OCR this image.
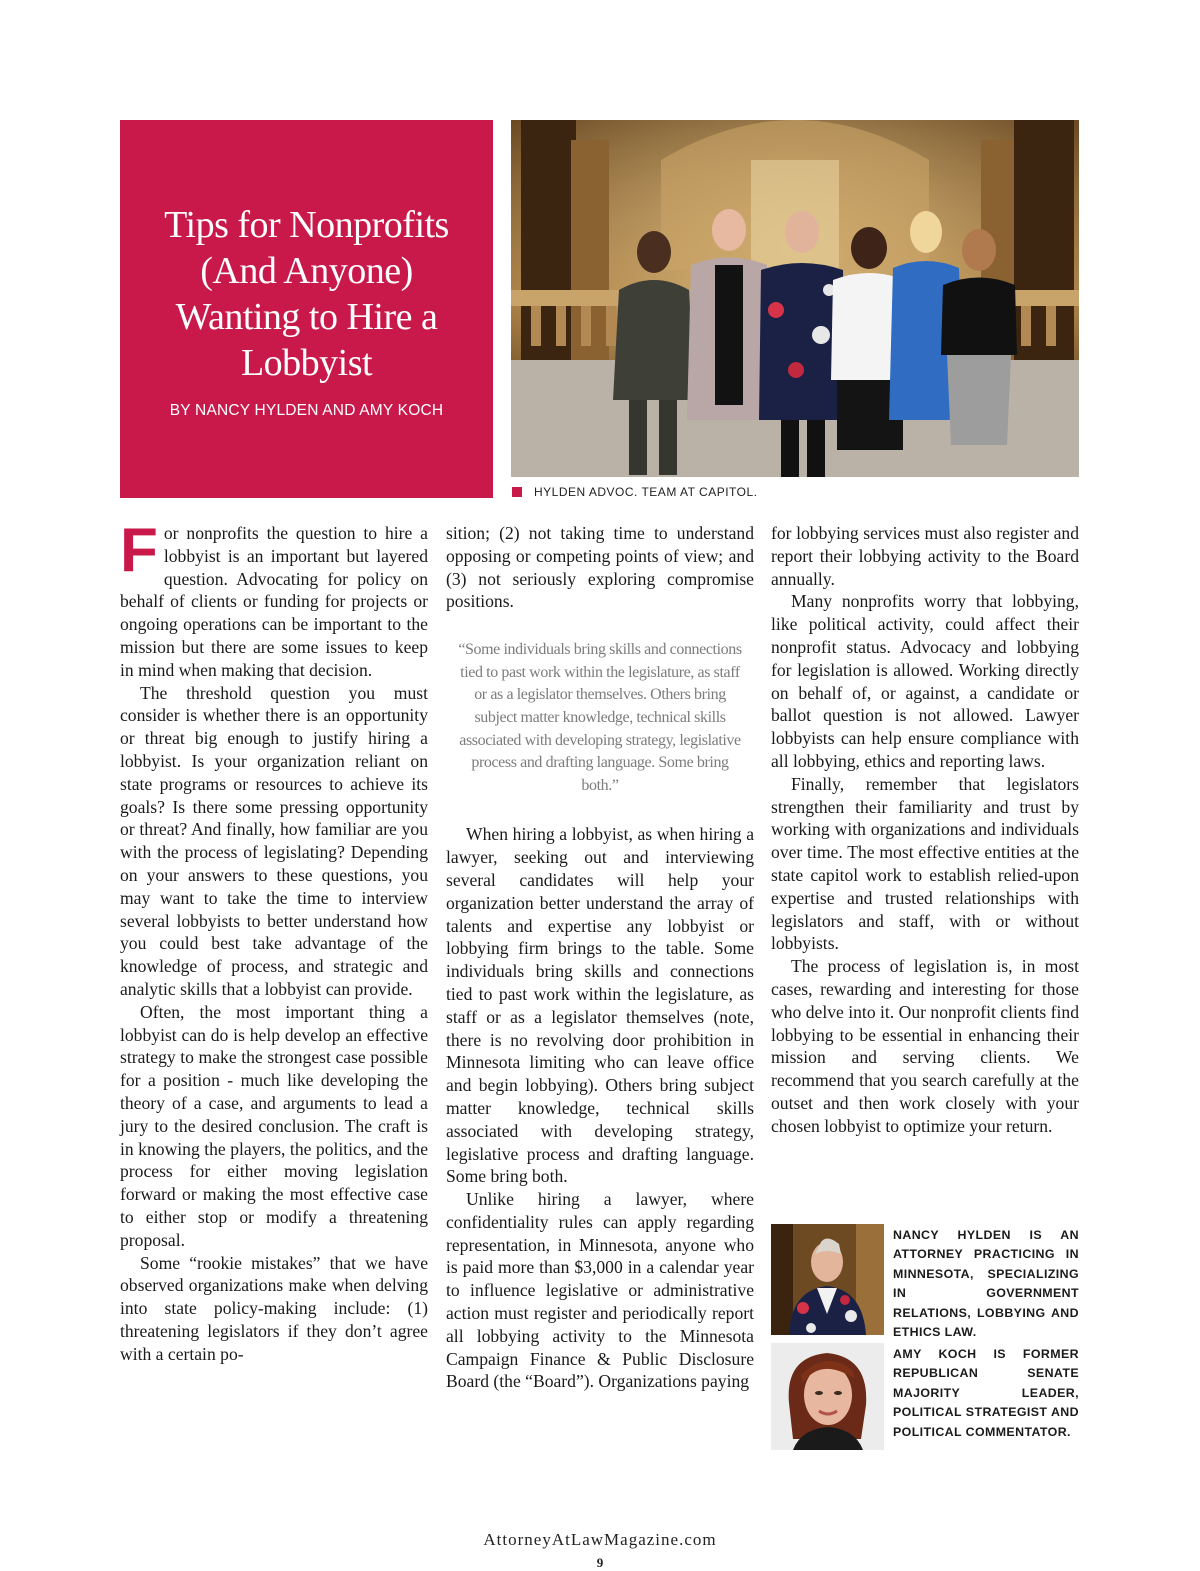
Tips for Nonprofits (And Anyone) Wanting to Hire a Lobbyist
BY NANCY HYLDEN AND AMY KOCH
HYLDEN ADVOC. TEAM AT CAPITOL.

For nonprofits the question to hire a lobbyist is an important but layered question. Advocating for policy on behalf of clients or funding for projects or ongoing operations can be important to the mission but there are some issues to keep in mind when making that decision.

The threshold question you must consider is whether there is an opportunity or threat big enough to justify hiring a lobbyist. Is your organization reliant on state programs or resources to achieve its goals? Is there some pressing opportunity or threat? And finally, how familiar are you with the process of legislating? Depending on your answers to these questions, you may want to take the time to interview several lobbyists to better understand how you could best take advantage of the knowledge of process, and strategic and analytic skills that a lobbyist can provide.

Often, the most important thing a lobbyist can do is help develop an effective strategy to make the strongest case possible for a position - much like developing the theory of a case, and arguments to lead a jury to the desired conclusion. The craft is in knowing the players, the politics, and the process for either moving legislation forward or making the most effective case to either stop or modify a threatening proposal.

Some “rookie mistakes” that we have observed organizations make when delving into state policy-making include: (1) threatening legislators if they don’t agree with a certain po-

sition; (2) not taking time to understand opposing or competing points of view; and (3) not seriously exploring compromise positions.

“Some individuals bring skills and connections tied to past work within the legislature, as staff or as a legislator themselves. Others bring subject matter knowledge, technical skills associated with developing strategy, legislative process and drafting language. Some bring both.”

When hiring a lobbyist, as when hiring a lawyer, seeking out and interviewing several candidates will help your organization better understand the array of talents and expertise any lobbyist or lobbying firm brings to the table. Some individuals bring skills and connections tied to past work within the legislature, as staff or as a legislator themselves (note, there is no revolving door prohibition in Minnesota limiting who can leave office and begin lobbying). Others bring subject matter knowledge, technical skills associated with developing strategy, legislative process and drafting language. Some bring both.

Unlike hiring a lawyer, where confidentiality rules can apply regarding representation, in Minnesota, anyone who is paid more than $3,000 in a calendar year to influence legislative or administrative action must register and periodically report all lobbying activity to the Minnesota Campaign Finance & Public Disclosure Board (the “Board”). Organizations paying

for lobbying services must also register and report their lobbying activity to the Board annually.

Many nonprofits worry that lobbying, like political activity, could affect their nonprofit status. Advocacy and lobbying for legislation is allowed. Working directly on behalf of, or against, a candidate or ballot question is not allowed. Lawyer lobbyists can help ensure compliance with all lobbying, ethics and reporting laws.

Finally, remember that legislators strengthen their familiarity and trust by working with organizations and individuals over time. The most effective entities at the state capitol work to establish relied-upon expertise and trusted relationships with legislators and staff, with or without lobbyists.

The process of legislation is, in most cases, rewarding and interesting for those who delve into it. Our nonprofit clients find lobbying to be essential in enhancing their mission and serving clients. We recommend that you search carefully at the outset and then work closely with your chosen lobbyist to optimize your return.

NANCY HYLDEN IS AN ATTORNEY PRACTICING IN MINNESOTA, SPECIALIZING IN GOVERNMENT RELATIONS, LOBBYING AND ETHICS LAW.
AMY KOCH IS FORMER REPUBLICAN SENATE MAJORITY LEADER, POLITICAL STRATEGIST AND POLITICAL COMMENTATOR.
AttorneyAtLawMagazine.com
9
